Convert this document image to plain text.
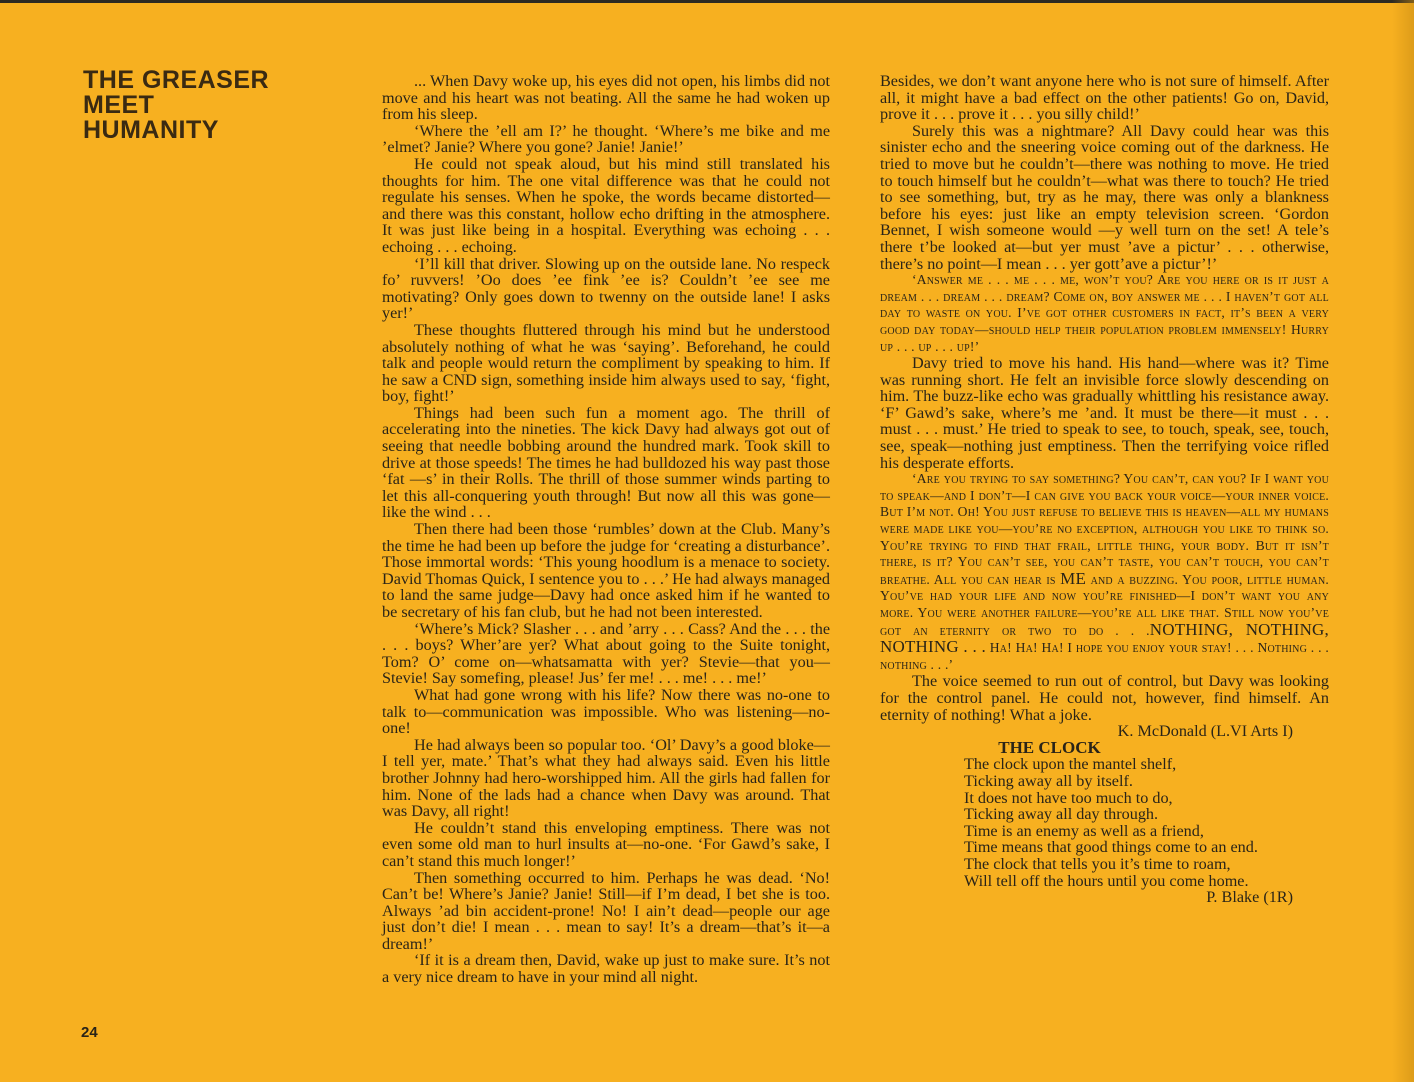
THE GREASER
MEET
HUMANITY

... When Davy woke up, his eyes did not open, his limbs did not move and his heart was not beating. All the same he had woken up from his sleep.

‘Where the ’ell am I?’ he thought. ‘Where’s me bike and me ’elmet? Janie? Where you gone? Janie! Janie!’

He could not speak aloud, but his mind still translated his thoughts for him. The one vital difference was that he could not regulate his senses. When he spoke, the words became distorted—and there was this constant, hollow echo drifting in the atmosphere. It was just like being in a hospital. Everything was echoing . . . echoing . . . echoing.

‘I’ll kill that driver. Slowing up on the outside lane. No respeck fo’ ruvvers! ’Oo does ’ee fink ’ee is? Couldn’t ’ee see me motivating? Only goes down to twenny on the outside lane! I asks yer!’

These thoughts fluttered through his mind but he understood absolutely nothing of what he was ‘saying’. Beforehand, he could talk and people would return the compliment by speaking to him. If he saw a CND sign, something inside him always used to say, ‘fight, boy, fight!’

Things had been such fun a moment ago. The thrill of accelerating into the nineties. The kick Davy had always got out of seeing that needle bobbing around the hundred mark. Took skill to drive at those speeds! The times he had bulldozed his way past those ‘fat —s’ in their Rolls. The thrill of those summer winds parting to let this all-conquering youth through! But now all this was gone—like the wind . . .

Then there had been those ‘rumbles’ down at the Club. Many’s the time he had been up before the judge for ‘creating a disturbance’. Those immortal words: ‘This young hoodlum is a menace to society. David Thomas Quick, I sentence you to . . .’ He had always managed to land the same judge—Davy had once asked him if he wanted to be secretary of his fan club, but he had not been interested.

‘Where’s Mick? Slasher . . . and ’arry . . . Cass? And the . . . the . . . boys? Wher’are yer? What about going to the Suite tonight, Tom? O’ come on—whatsamatta with yer? Stevie—that you—Stevie! Say somefing, please! Jus’ fer me! . . . me! . . . me!’

What had gone wrong with his life? Now there was no-one to talk to—communication was impossible. Who was listening—no-one!

He had always been so popular too. ‘Ol’ Davy’s a good bloke—I tell yer, mate.’ That’s what they had always said. Even his little brother Johnny had hero-worshipped him. All the girls had fallen for him. None of the lads had a chance when Davy was around. That was Davy, all right!

He couldn’t stand this enveloping emptiness. There was not even some old man to hurl insults at—no-one. ‘For Gawd’s sake, I can’t stand this much longer!’

Then something occurred to him. Perhaps he was dead. ‘No! Can’t be! Where’s Janie? Janie! Still—if I’m dead, I bet she is too. Always ’ad bin accident-prone! No! I ain’t dead—people our age just don’t die! I mean . . . mean to say! It’s a dream—that’s it—a dream!’

‘If it is a dream then, David, wake up just to make sure. It’s not a very nice dream to have in your mind all night.

Besides, we don’t want anyone here who is not sure of himself. After all, it might have a bad effect on the other patients! Go on, David, prove it . . . prove it . . . you silly child!’

Surely this was a nightmare? All Davy could hear was this sinister echo and the sneering voice coming out of the darkness. He tried to move but he couldn’t—there was nothing to move. He tried to touch himself but he couldn’t—what was there to touch? He tried to see something, but, try as he may, there was only a blankness before his eyes: just like an empty television screen. ‘Gordon Bennet, I wish someone would —y well turn on the set! A tele’s there t’be looked at—but yer must ’ave a pictur’ . . . otherwise, there’s no point—I mean . . . yer gott’ave a pictur’!’

‘Answer me . . . me . . . me, won’t you? Are you here or is it just a dream . . . dream . . . dream? Come on, boy answer me . . . I haven’t got all day to waste on you. I’ve got other customers in fact, it’s been a very good day today—should help their population problem immensely! Hurry up . . . up . . . up!’

Davy tried to move his hand. His hand—where was it? Time was running short. He felt an invisible force slowly descending on him. The buzz-like echo was gradually whittling his resistance away. ‘F’ Gawd’s sake, where’s me ’and. It must be there—it must . . . must . . . must.’ He tried to speak to see, to touch, speak, see, touch, see, speak—nothing just emptiness. Then the terrifying voice rifled his desperate efforts.

‘Are you trying to say something? You can’t, can you? If I want you to speak—and I don’t—I can give you back your voice—your inner voice. But I’m not. Oh! You just refuse to believe this is heaven—all my humans were made like you—you’re no exception, although you like to think so. You’re trying to find that frail, little thing, your body. But it isn’t there, is it? You can’t see, you can’t taste, you can’t touch, you can’t breathe. All you can hear is ME and a buzzing. You poor, little human. You’ve had your life and now you’re finished—I don’t want you any more. You were another failure—you’re all like that. Still now you’ve got an eternity or two to do . . .NOTHING, NOTHING, NOTHING . . . Ha! Ha! Ha! I hope you enjoy your stay! . . . Nothing . . . nothing . . .’

The voice seemed to run out of control, but Davy was looking for the control panel. He could not, however, find himself. An eternity of nothing! What a joke.

K. McDonald (L.VI Arts I)

THE CLOCK

The clock upon the mantel shelf,
Ticking away all by itself.
It does not have too much to do,
Ticking away all day through.
Time is an enemy as well as a friend,
Time means that good things come to an end.
The clock that tells you it’s time to roam,
Will tell off the hours until you come home.

P. Blake (1R)

24
